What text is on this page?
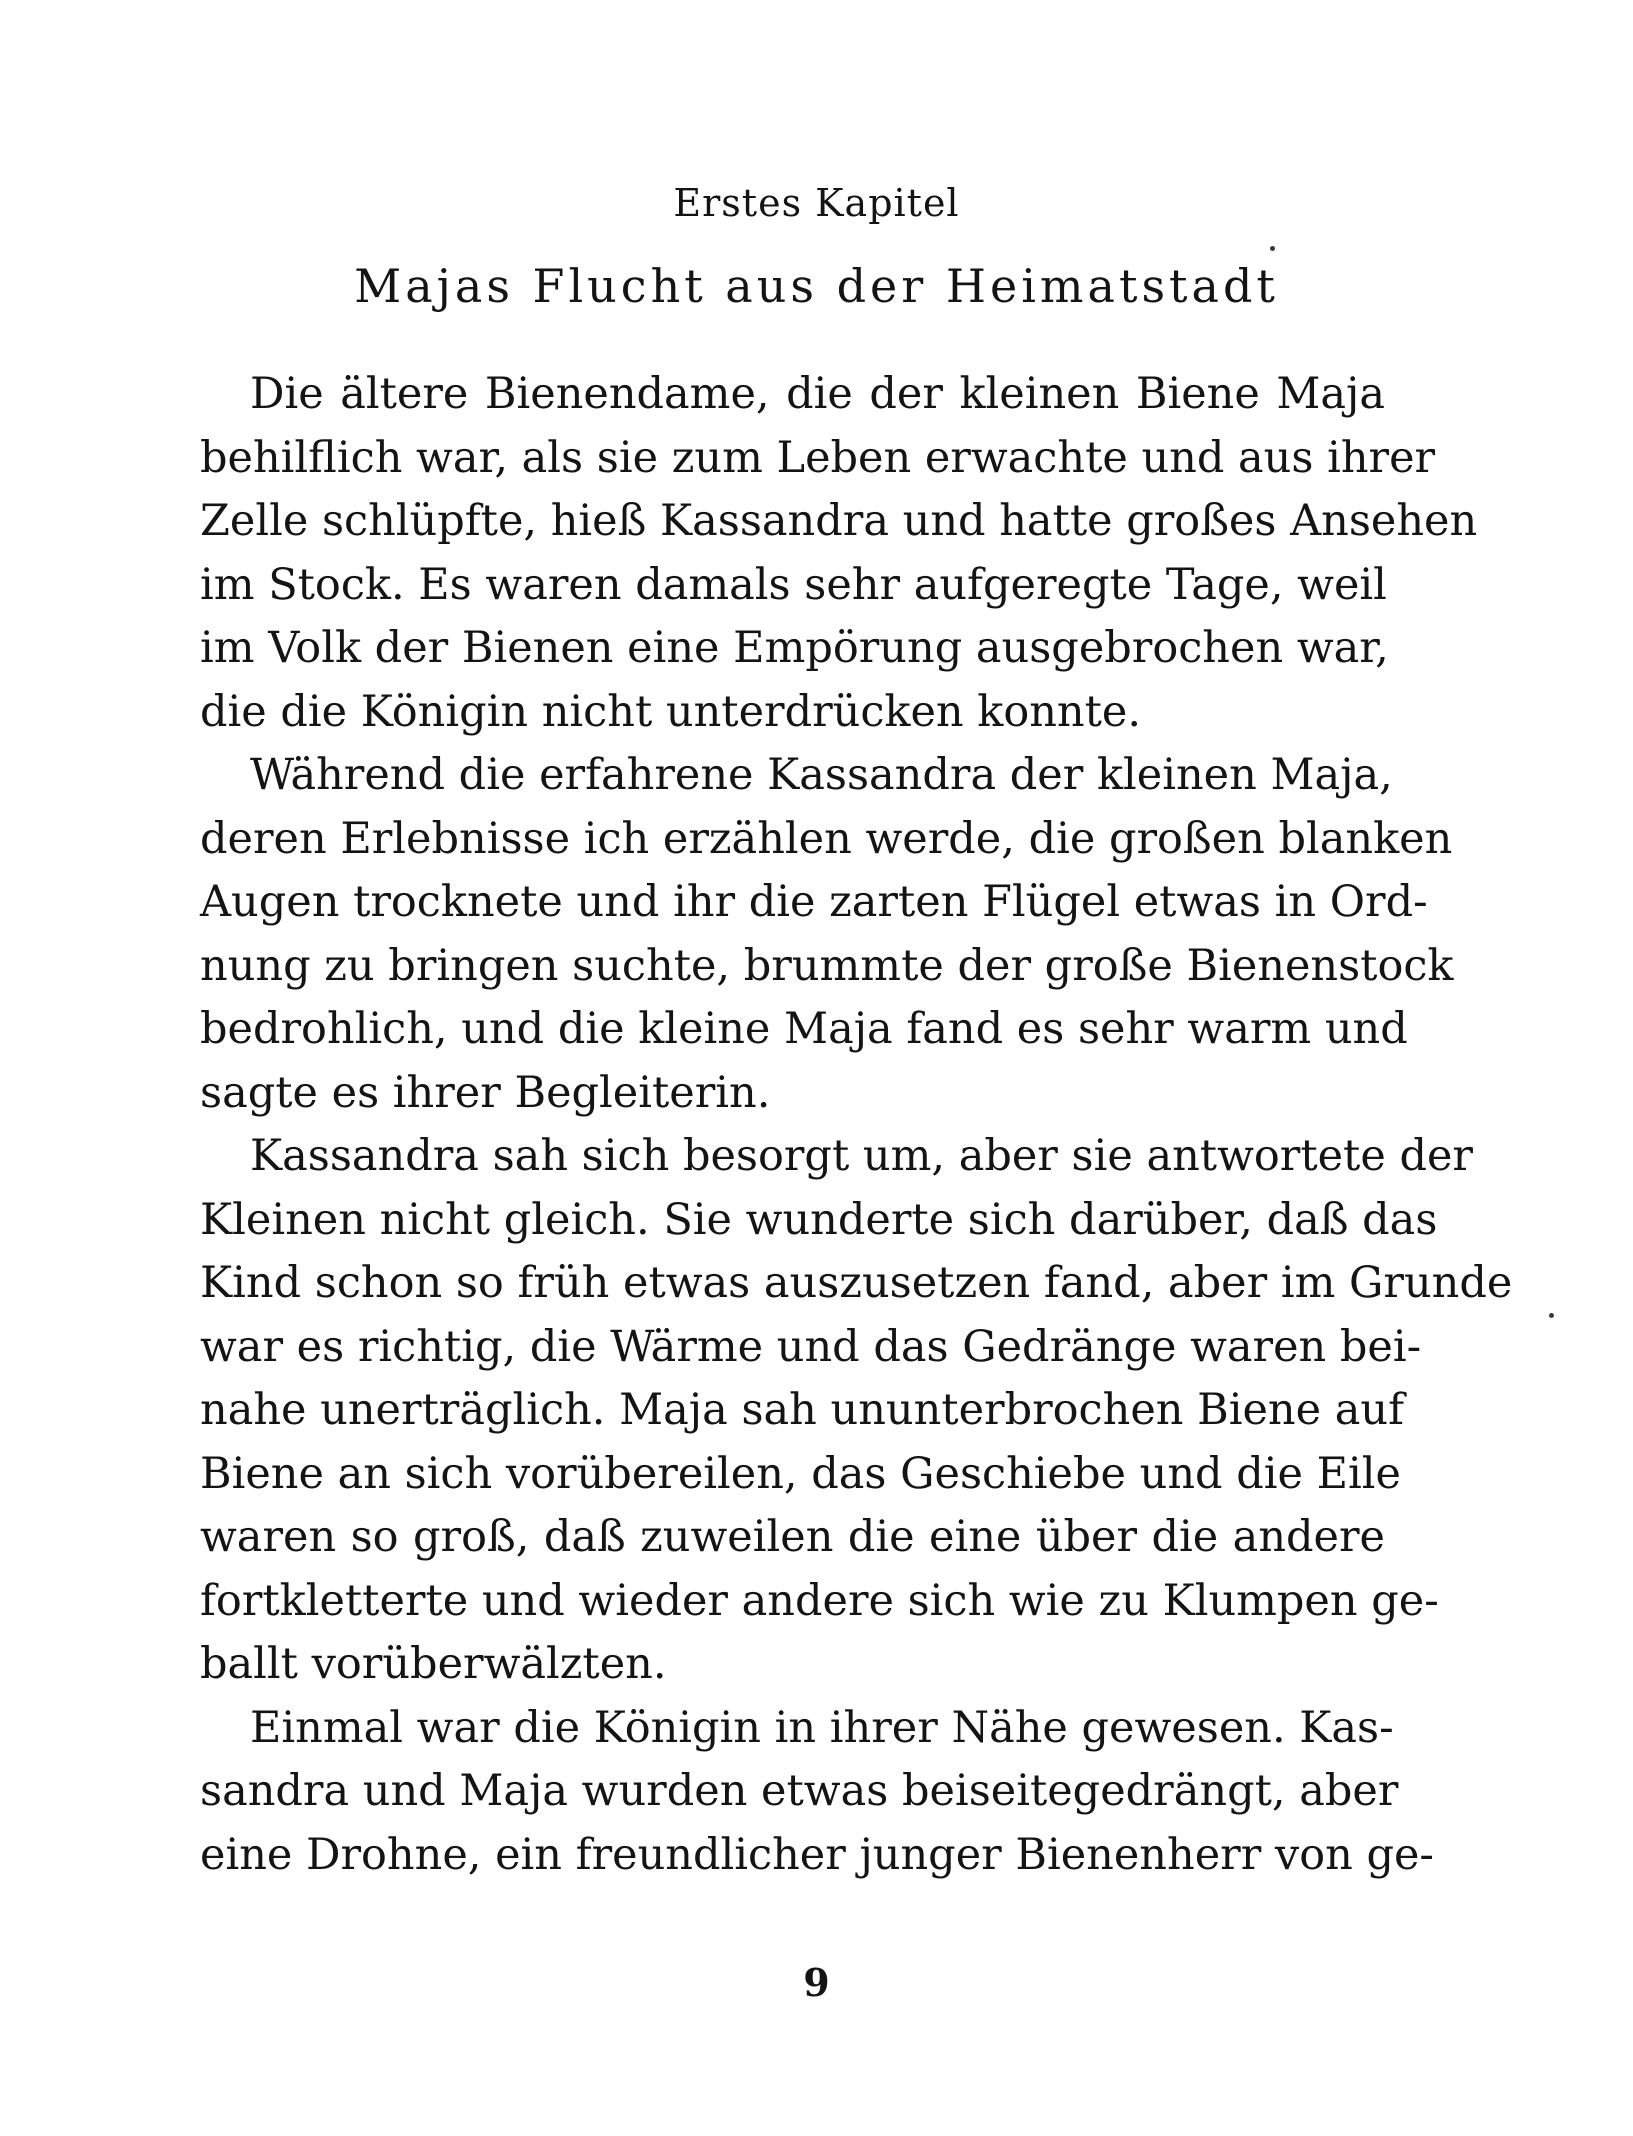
Erstes Kapitel
Majas Flucht aus der Heimatstadt
Die ältere Bienendame, die der kleinen Biene Maja
behilflich war, als sie zum Leben erwachte und aus ihrer
Zelle schlüpfte, hieß Kassandra und hatte großes Ansehen
im Stock. Es waren damals sehr aufgeregte Tage, weil
im Volk der Bienen eine Empörung ausgebrochen war,
die die Königin nicht unterdrücken konnte.
Während die erfahrene Kassandra der kleinen Maja,
deren Erlebnisse ich erzählen werde, die großen blanken
Augen trocknete und ihr die zarten Flügel etwas in Ord-
nung zu bringen suchte, brummte der große Bienenstock
bedrohlich, und die kleine Maja fand es sehr warm und
sagte es ihrer Begleiterin.
Kassandra sah sich besorgt um, aber sie antwortete der
Kleinen nicht gleich. Sie wunderte sich darüber, daß das
Kind schon so früh etwas auszusetzen fand, aber im Grunde
war es richtig, die Wärme und das Gedränge waren bei-
nahe unerträglich. Maja sah ununterbrochen Biene auf
Biene an sich vorübereilen, das Geschiebe und die Eile
waren so groß, daß zuweilen die eine über die andere
fortkletterte und wieder andere sich wie zu Klumpen ge-
ballt vorüberwälzten.
Einmal war die Königin in ihrer Nähe gewesen. Kas-
sandra und Maja wurden etwas beiseitegedrängt, aber
eine Drohne, ein freundlicher junger Bienenherr von ge-
9
